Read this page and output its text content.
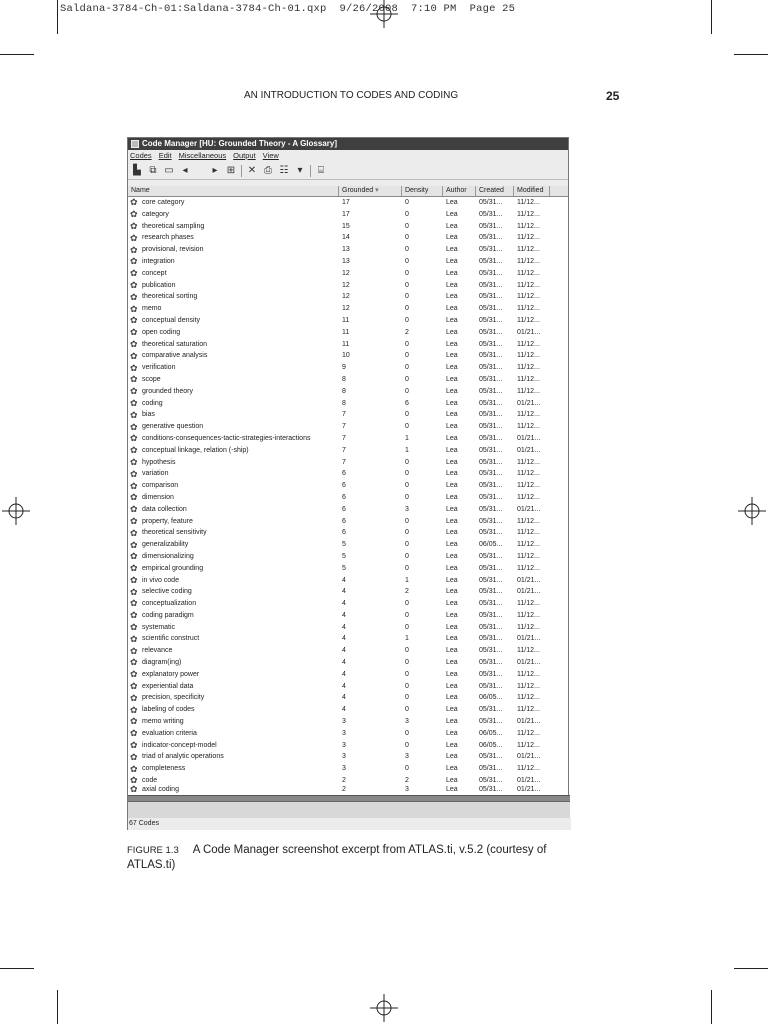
Saldana-3784-Ch-01:Saldana-3784-Ch-01.qxp  9/26/2008  7:10 PM  Page 25
AN INTRODUCTION TO CODES AND CODING	25
Code Manager [HU: Grounded Theory - A Glossary]
Codes Edit Miscellaneous Output View
▙ ⧉ ▭ ◂	▸ ⊞ ✕ ⎙ ☷ ▾	⌸
Name	Grounded ▾	Density	Author	Created	Modified
✿ core category	17	0	Lea	05/31...	11/12...
✿ category	17	0	Lea	05/31...	11/12...
✿ theoretical sampling	15	0	Lea	05/31...	11/12...
✿ research phases	14	0	Lea	05/31...	11/12...
✿ provisional, revision	13	0	Lea	05/31...	11/12...
✿ integration	13	0	Lea	05/31...	11/12...
✿ concept	12	0	Lea	05/31...	11/12...
✿ publication	12	0	Lea	05/31...	11/12...
✿ theoretical sorting	12	0	Lea	05/31...	11/12...
✿ memo	12	0	Lea	05/31...	11/12...
✿ conceptual density	11	0	Lea	05/31...	11/12...
✿ open coding	11	2	Lea	05/31...	01/21...
✿ theoretical saturation	11	0	Lea	05/31...	11/12...
✿ comparative analysis	10	0	Lea	05/31...	11/12...
✿ verification	9	0	Lea	05/31...	11/12...
✿ scope	8	0	Lea	05/31...	11/12...
✿ grounded theory	8	0	Lea	05/31...	11/12...
✿ coding	8	6	Lea	05/31...	01/21...
✿ bias	7	0	Lea	05/31...	11/12...
✿ generative question	7	0	Lea	05/31...	11/12...
✿ conditions-consequences-tactic-strategies-interactions	7	1	Lea	05/31...	01/21...
✿ conceptual linkage, relation (-ship)	7	1	Lea	05/31...	01/21...
✿ hypothesis	7	0	Lea	05/31...	11/12...
✿ variation	6	0	Lea	05/31...	11/12...
✿ comparison	6	0	Lea	05/31...	11/12...
✿ dimension	6	0	Lea	05/31...	11/12...
✿ data collection	6	3	Lea	05/31...	01/21...
✿ property, feature	6	0	Lea	05/31...	11/12...
✿ theoretical sensitivity	6	0	Lea	05/31...	11/12...
✿ generalizability	5	0	Lea	06/05...	11/12...
✿ dimensionalizing	5	0	Lea	05/31...	11/12...
✿ empirical grounding	5	0	Lea	05/31...	11/12...
✿ in vivo code	4	1	Lea	05/31...	01/21...
✿ selective coding	4	2	Lea	05/31...	01/21...
✿ conceptualization	4	0	Lea	05/31...	11/12...
✿ coding paradigm	4	0	Lea	05/31...	11/12...
✿ systematic	4	0	Lea	05/31...	11/12...
✿ scientific construct	4	1	Lea	05/31...	01/21...
✿ relevance	4	0	Lea	05/31...	11/12...
✿ diagram(ing)	4	0	Lea	05/31...	01/21...
✿ explanatory power	4	0	Lea	05/31...	11/12...
✿ experiential data	4	0	Lea	05/31...	11/12...
✿ precision, specificity	4	0	Lea	06/05...	11/12...
✿ labeling of codes	4	0	Lea	05/31...	11/12...
✿ memo writing	3	3	Lea	05/31...	01/21...
✿ evaluation criteria	3	0	Lea	06/05...	11/12...
✿ indicator-concept-model	3	0	Lea	06/05...	11/12...
✿ triad of analytic operations	3	3	Lea	05/31...	01/21...
✿ completeness	3	0	Lea	05/31...	11/12...
✿ code	2	2	Lea	05/31...	01/21...
✿ axial coding	2	3	Lea	05/31...	01/21...
67 Codes
FIGURE 1.3 A Code Manager screenshot excerpt from ATLAS.ti, v.5.2 (courtesy of ATLAS.ti)
